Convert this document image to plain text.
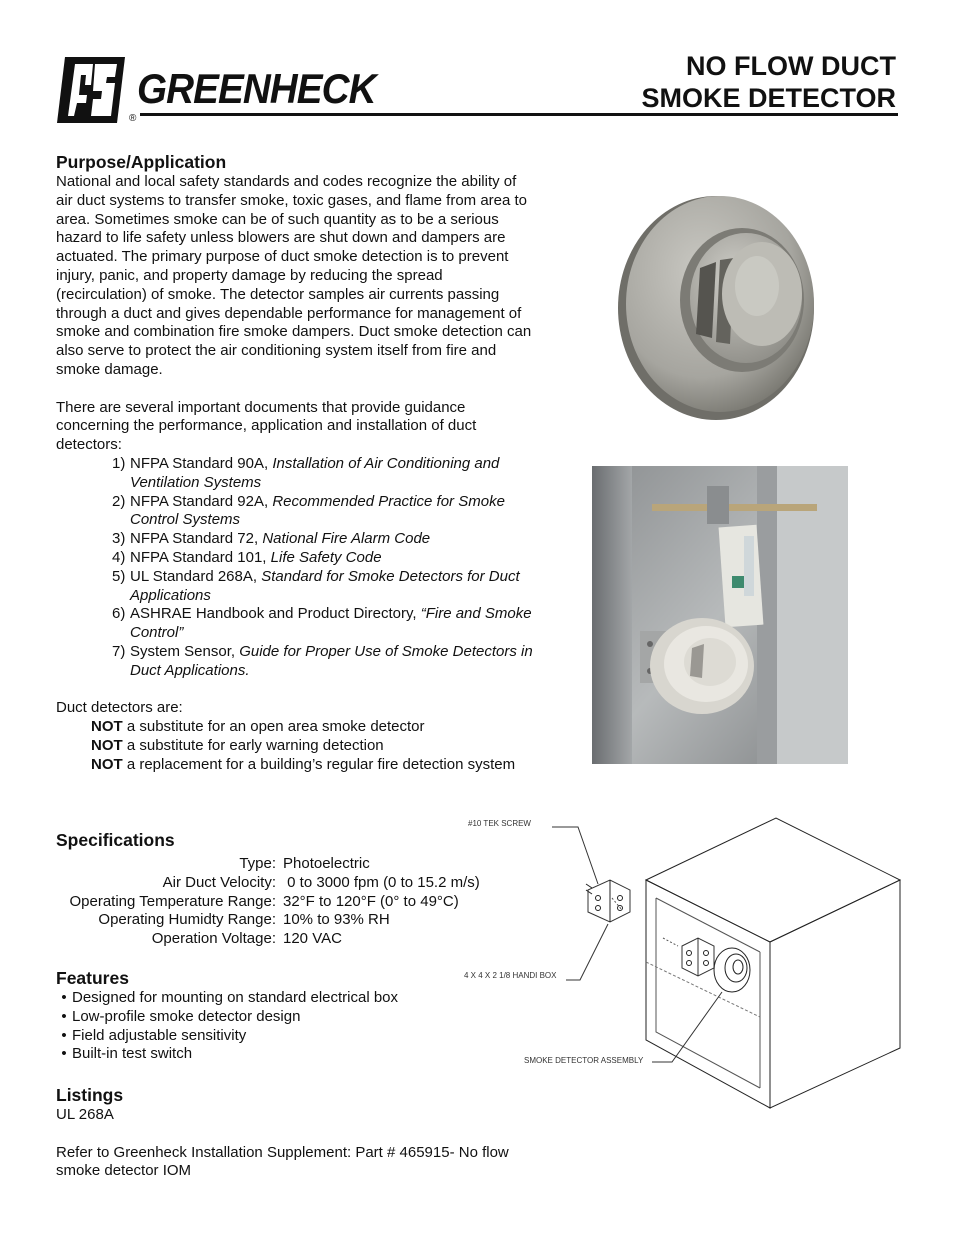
GREENHECK
®
NO FLOW DUCT
SMOKE DETECTOR
Purpose/Application

National and local safety standards and codes recognize the ability of air duct systems to transfer smoke, toxic gases, and flame from area to area. Sometimes smoke can be of such quantity as to be a serious hazard to life safety unless blowers are shut down and dampers are actuated. The primary purpose of duct smoke detection is to prevent injury, panic, and property damage by reducing the spread (recirculation) of smoke. The detector samples air currents passing through a duct and gives dependable performance for management of smoke and combination fire smoke dampers. Duct smoke detection can also serve to protect the air conditioning system itself from fire and smoke damage.

There are several important documents that provide guidance concerning the performance, application and installation of duct detectors:

1) NFPA Standard 90A, Installation of Air Conditioning and Ventilation Systems
2) NFPA Standard 92A, Recommended Practice for Smoke Control Systems
3) NFPA Standard 72, National Fire Alarm Code
4) NFPA Standard 101, Life Safety Code
5) UL Standard 268A, Standard for Smoke Detectors for Duct Applications
6) ASHRAE Handbook and Product Directory, “Fire and Smoke Control”
7) System Sensor, Guide for Proper Use of Smoke Detectors in Duct Applications.

Duct detectors are:

NOT a substitute for an open area smoke detector
NOT a substitute for early warning detection
NOT a replacement for a building’s regular fire detection system
Specifications
Type: Photoelectric
Air Duct Velocity: 0 to 3000 fpm (0 to 15.2 m/s)
Operating Temperature Range: 32°F to 120°F (0° to 49°C)
Operating Humidty Range: 10% to 93% RH
Operation Voltage: 120 VAC
Features
• Designed for mounting on standard electrical box
• Low-profile smoke detector design
• Field adjustable sensitivity
• Built-in test switch
Listings

UL 268A

Refer to Greenheck Installation Supplement: Part # 465915- No flow smoke detector IOM

#10 TEK SCREW
4 X 4 X 2 1/8 HANDI BOX
SMOKE DETECTOR ASSEMBLY
